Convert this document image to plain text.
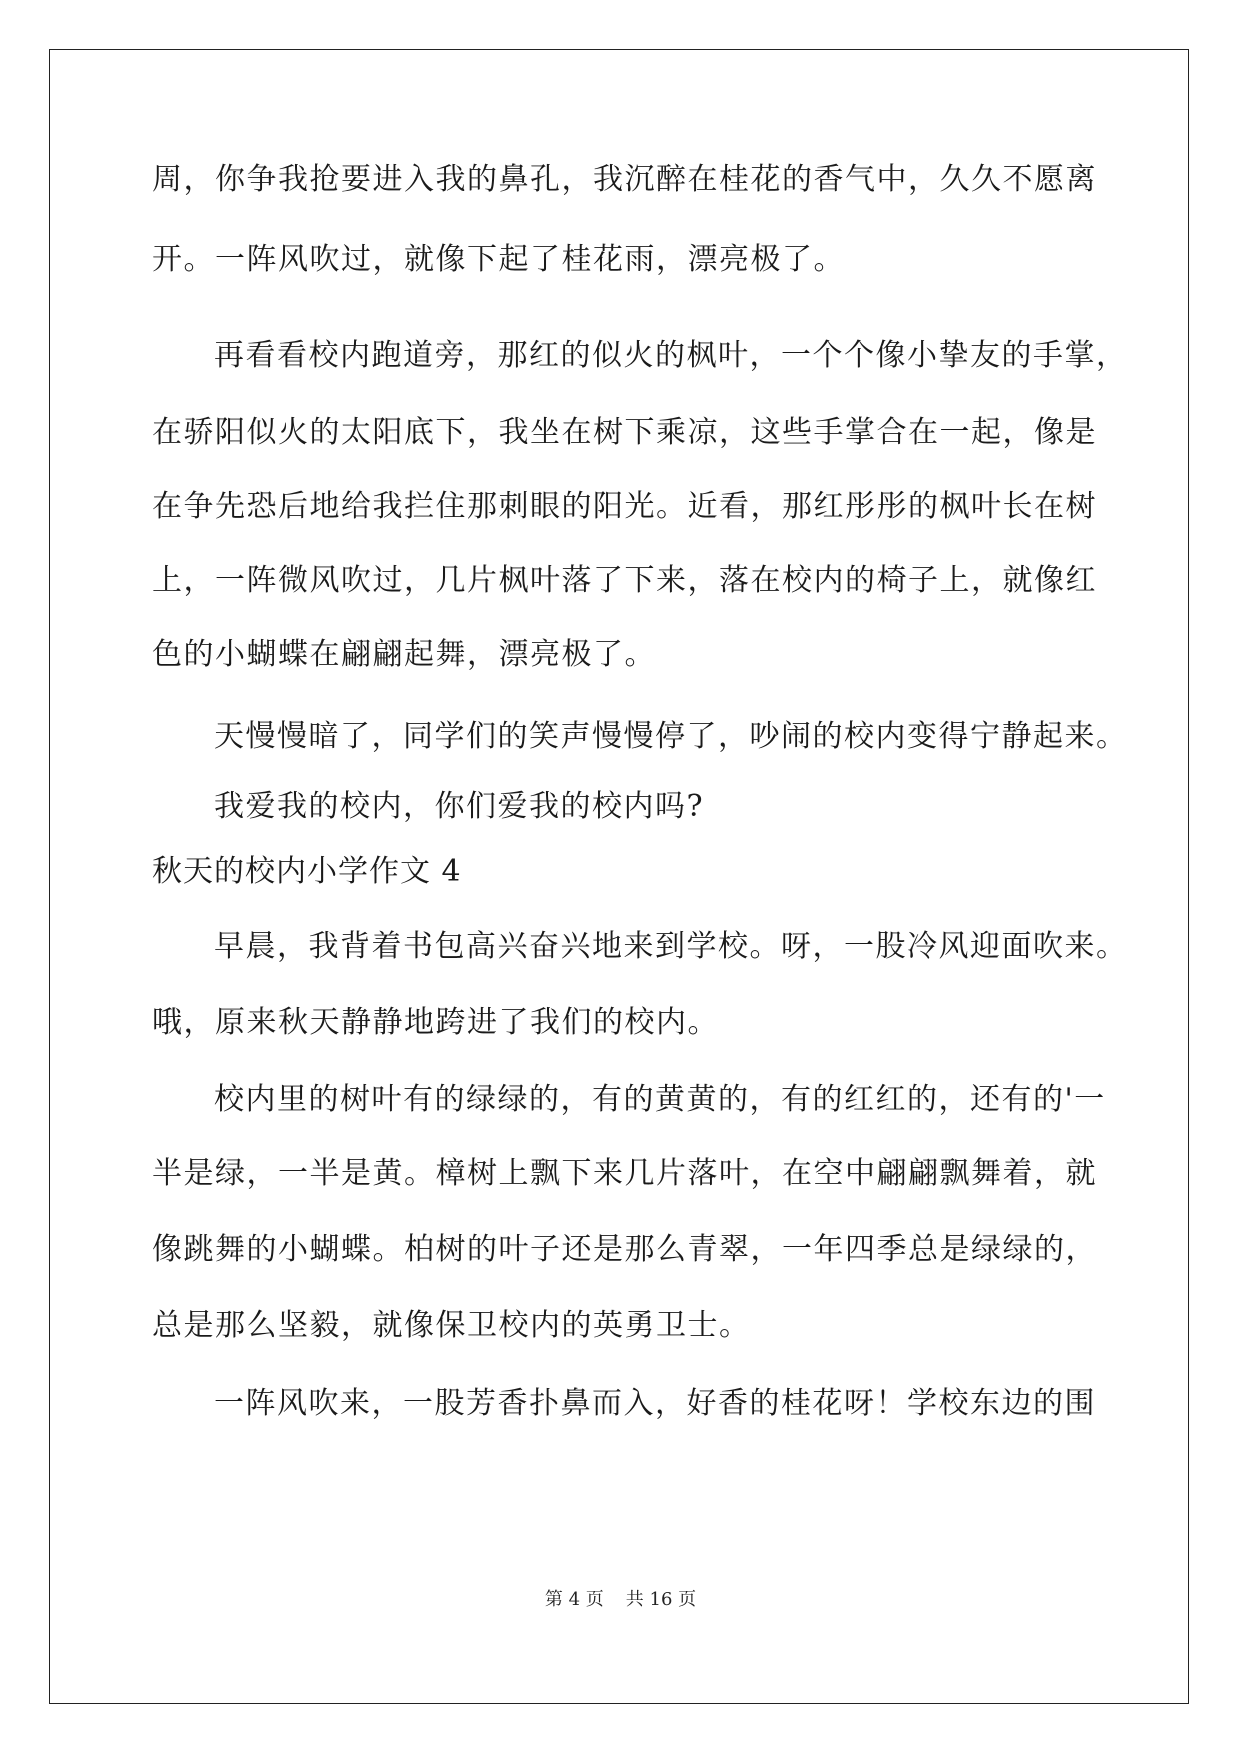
周，你争我抢要进入我的鼻孔，我沉醉在桂花的香气中，久久不愿离
开。一阵风吹过，就像下起了桂花雨，漂亮极了。
再看看校内跑道旁，那红的似火的枫叶，一个个像小挚友的手掌，
在骄阳似火的太阳底下，我坐在树下乘凉，这些手掌合在一起，像是
在争先恐后地给我拦住那刺眼的阳光。近看，那红彤彤的枫叶长在树
上，一阵微风吹过，几片枫叶落了下来，落在校内的椅子上，就像红
色的小蝴蝶在翩翩起舞，漂亮极了。
天慢慢暗了，同学们的笑声慢慢停了，吵闹的校内变得宁静起来。
我爱我的校内，你们爱我的校内吗?
秋天的校内小学作文 4
早晨，我背着书包高兴奋兴地来到学校。呀，一股冷风迎面吹来。
哦，原来秋天静静地跨进了我们的校内。
校内里的树叶有的绿绿的，有的黄黄的，有的红红的，还有的'一
半是绿，一半是黄。樟树上飘下来几片落叶，在空中翩翩飘舞着，就
像跳舞的小蝴蝶。柏树的叶子还是那么青翠，一年四季总是绿绿的，
总是那么坚毅，就像保卫校内的英勇卫士。
一阵风吹来，一股芳香扑鼻而入，好香的桂花呀！学校东边的围
第 4 页 共 16 页
